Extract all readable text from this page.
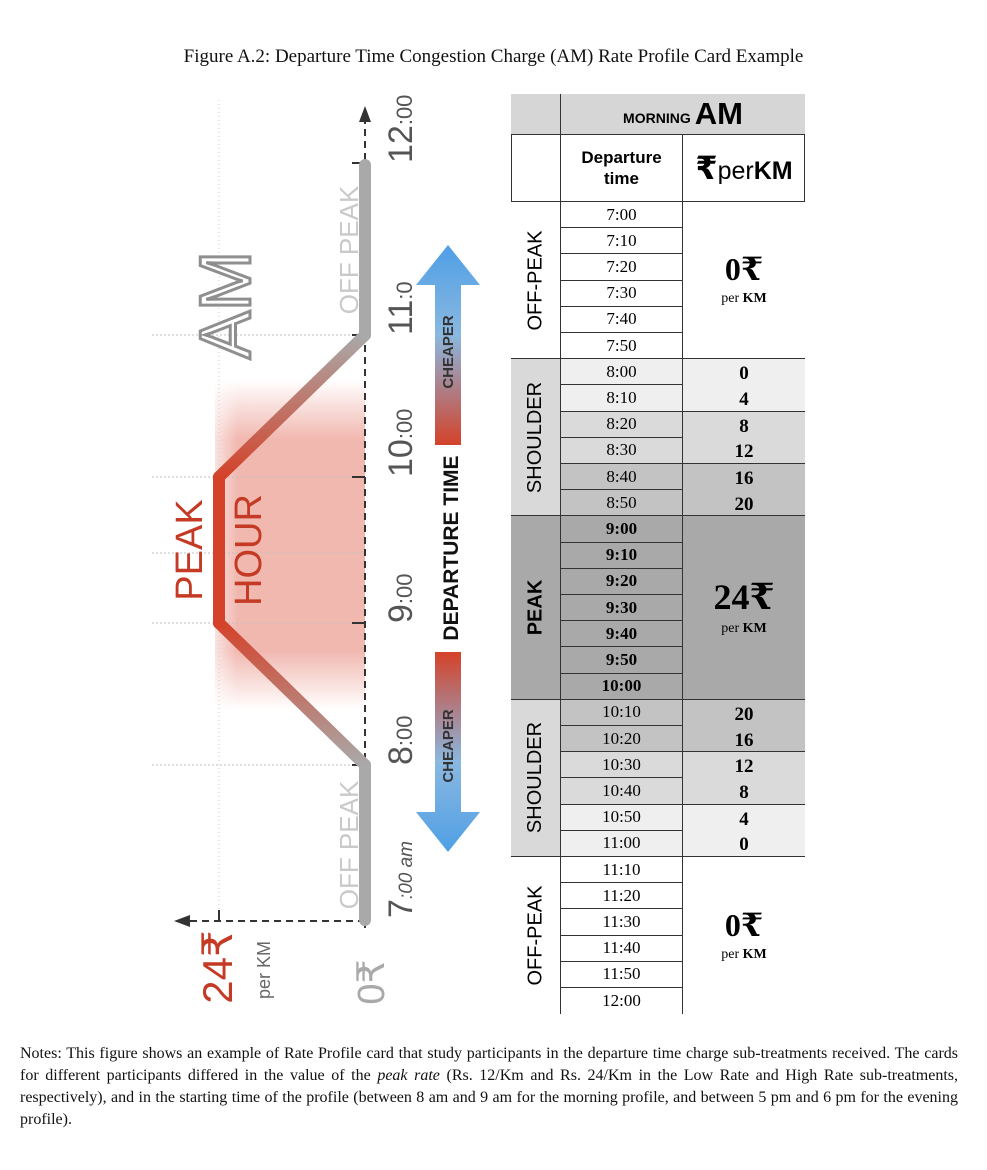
Figure A.2: Departure Time Congestion Charge (AM) Rate Profile Card Example
AM
PEAK HOUR
OFF PEAK
OFF PEAK 7:00 am
8:00
9:00
10:00
11:0
12:00
DEPARTURE TIME
CHEAPER
CHEAPER
24₹ per KM 0₹
MORNING AM
Departure time	₹ per KM
OFF-PEAK
7:00
7:10
7:20
7:30
7:40
7:50
0₹
per KM
SHOULDER
8:00	0
8:10	4
8:20	8
8:30	12
8:40	16
8:50	20
PEAK
9:00
9:10
9:20
9:30
9:40
9:50
10:00
24₹
per KM
SHOULDER
10:10	20
10:20	16
10:30	12
10:40	8
10:50	4
11:00	0
OFF-PEAK
11:10
11:20
11:30
11:40
11:50
12:00
0₹
per KM
Notes: This figure shows an example of Rate Profile card that study participants in the departure time charge sub-treatments received. The cards for different participants differed in the value of the peak rate (Rs. 12/Km and Rs. 24/Km in the Low Rate and High Rate sub-treatments, respectively), and in the starting time of the profile (between 8 am and 9 am for the morning profile, and between 5 pm and 6 pm for the evening profile).
